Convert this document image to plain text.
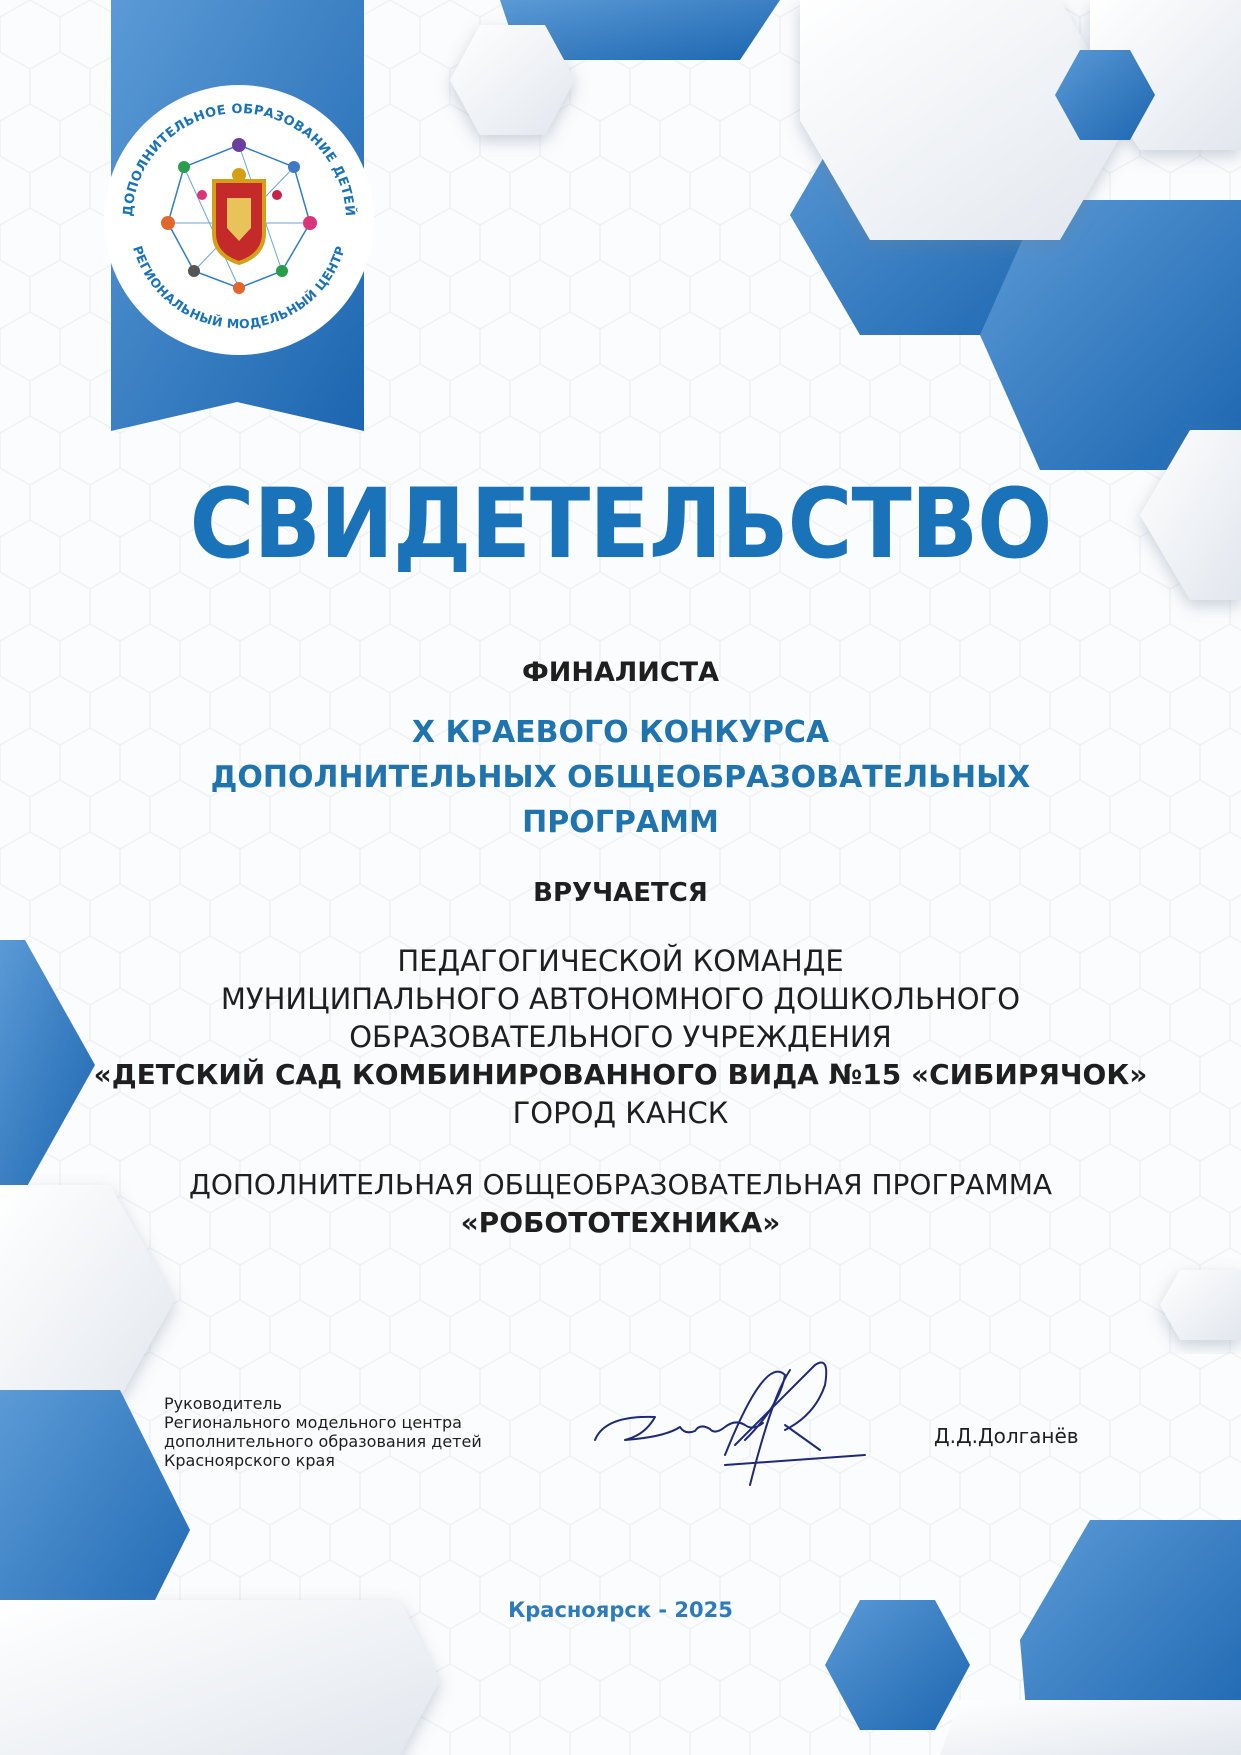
ДОПОЛНИТЕЛЬНОЕ ОБРАЗОВАНИЕ ДЕТЕЙ
РЕГИОНАЛЬНЫЙ МОДЕЛЬНЫЙ ЦЕНТР
СВИДЕТЕЛЬСТВО

ФИНАЛИСТА

X КРАЕВОГО КОНКУРСА
ДОПОЛНИТЕЛЬНЫХ ОБЩЕОБРАЗОВАТЕЛЬНЫХ
ПРОГРАММ

ВРУЧАЕТСЯ

ПЕДАГОГИЧЕСКОЙ КОМАНДЕ
МУНИЦИПАЛЬНОГО АВТОНОМНОГО ДОШКОЛЬНОГО
ОБРАЗОВАТЕЛЬНОГО УЧРЕЖДЕНИЯ
«ДЕТСКИЙ САД КОМБИНИРОВАННОГО ВИДА №15 «СИБИРЯЧОК»
ГОРОД КАНСК
ДОПОЛНИТЕЛЬНАЯ ОБЩЕОБРАЗОВАТЕЛЬНАЯ ПРОГРАММА
«РОБОТОТЕХНИКА»
Руководитель
Регионального модельного центра
дополнительного образования детей
Красноярского края

Д.Д.Долганёв

Красноярск - 2025
